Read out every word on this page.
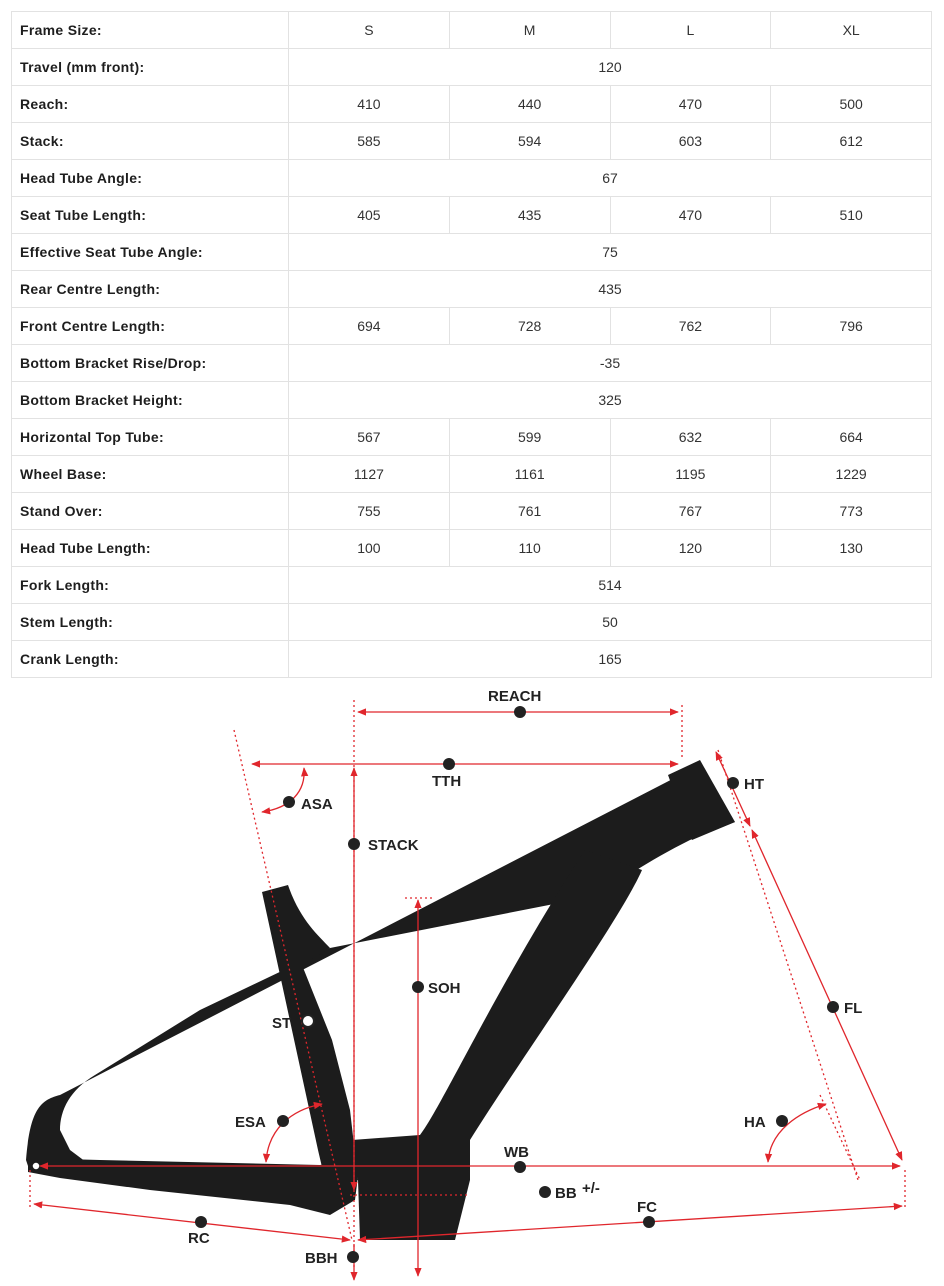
Frame Size:	S	M	L	XL
Travel (mm front):	120			
Reach:	410	440	470	500
Stack:	585	594	603	612
Head Tube Angle:	67			
Seat Tube Length:	405	435	470	510
Effective Seat Tube Angle:	75			
Rear Centre Length:	435			
Front Centre Length:	694	728	762	796
Bottom Bracket Rise/Drop:	-35			
Bottom Bracket Height:	325			
Horizontal Top Tube:	567	599	632	664
Wheel Base:	1127	1161	1195	1229
Stand Over:	755	761	767	773
Head Tube Length:	100	110	120	130
Fork Length:	514			
Stem Length:	50			
Crank Length:	165			
REACH
TTH
ASA
HT
STACK
SOH
ST
FL
ESA	HA
WB
BB +/-
FC
RC
BBH
